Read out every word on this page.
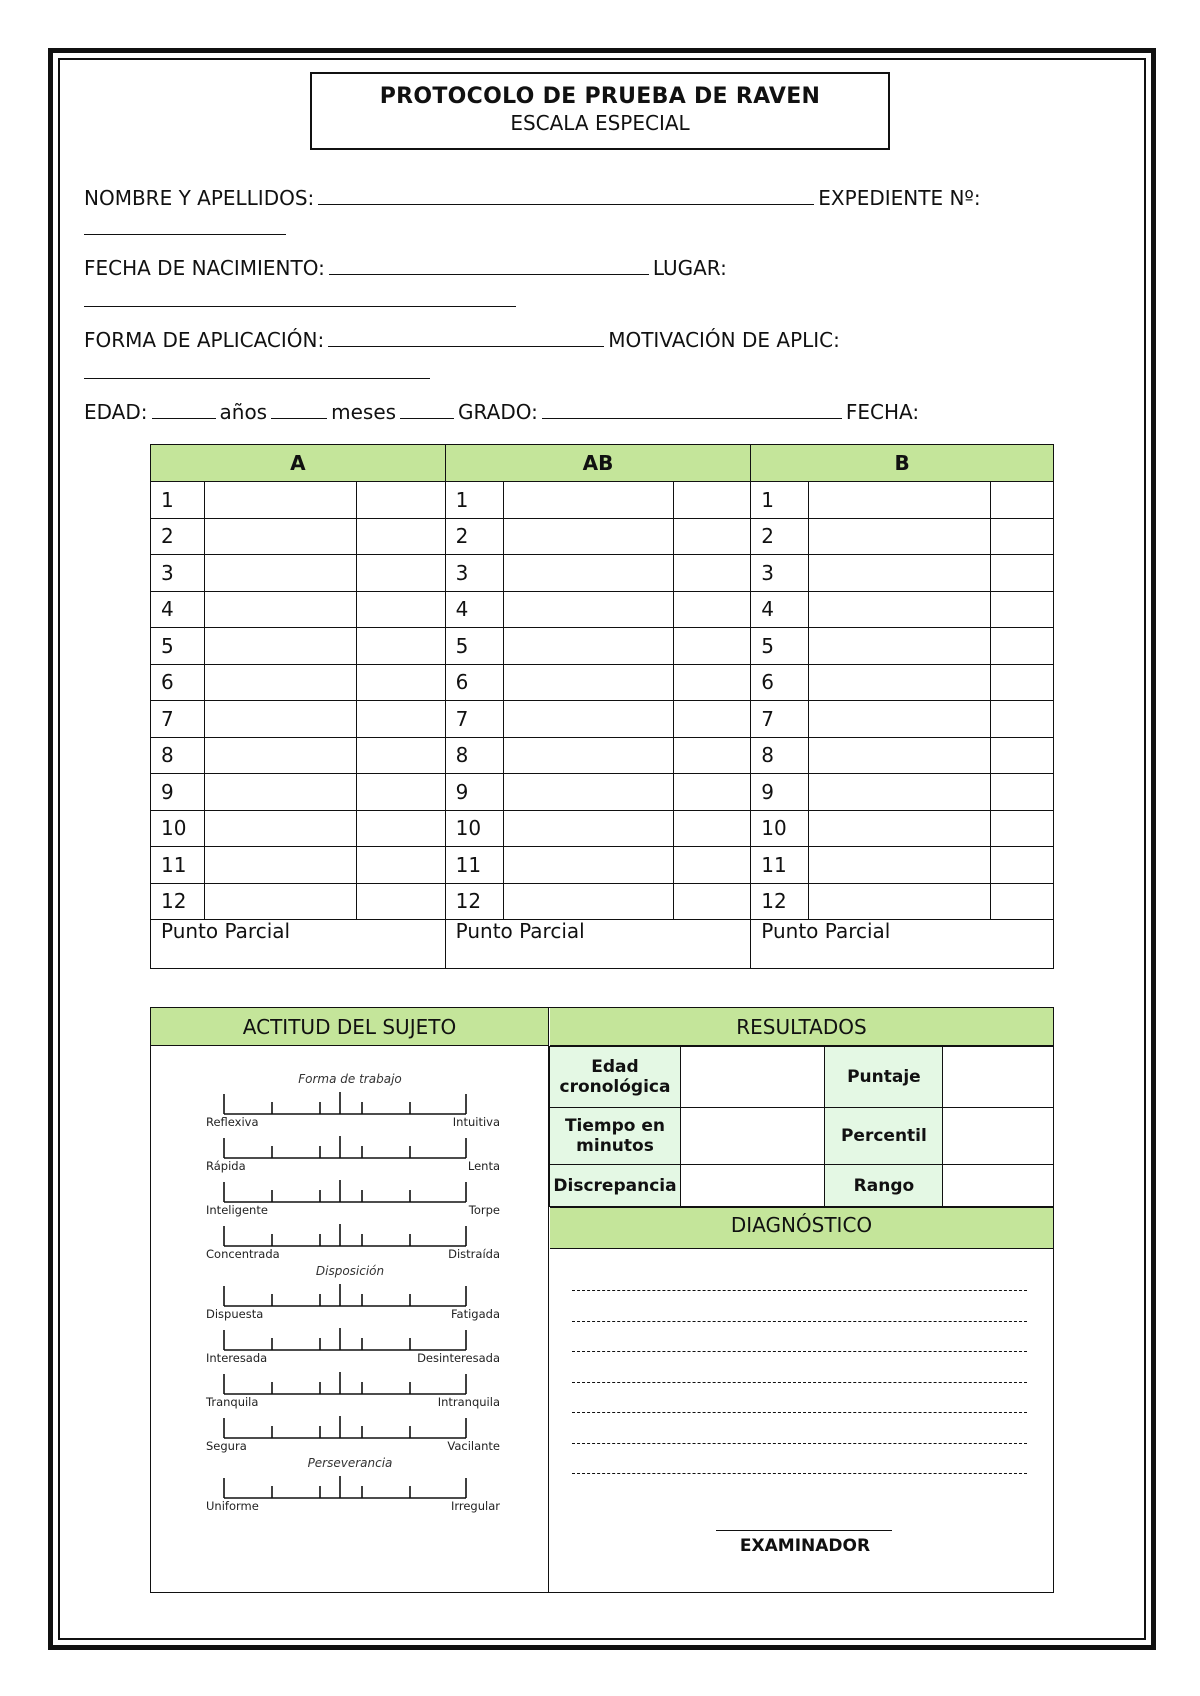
PROTOCOLO DE PRUEBA DE RAVEN
ESCALA ESPECIAL
NOMBRE Y APELLIDOS:	EXPEDIENTE Nº:
FECHA DE NACIMIENTO:	LUGAR:
FORMA DE APLICACIÓN:	MOTIVACIÓN DE APLIC:
EDAD:	años	meses	GRADO:	FECHA:
A			AB			B		
1			1			1		
2			2			2		
3			3			3		
4			4			4		
5			5			5		
6			6			6		
7			7			7		
8			8			8		
9			9			9		
10			10			10		
11			11			11		
12			12			12		
Punto Parcial			Punto Parcial			Punto Parcial		
ACTITUD DEL SUJETO	RESULTADOS
Forma de trabajo
Reflexiva	Intuitiva
Rápida	Lenta
Inteligente	Torpe
Concentrada	Distraída
Disposición
Dispuesta	Fatigada
Interesada	Desinteresada
Tranquila	Intranquila
Segura	Vacilante
Perseverancia
Uniforme	Irregular
Edad cronológica		Puntaje	
Tiempo en minutos		Percentil	
Discrepancia		Rango	
DIAGNÓSTICO
EXAMINADOR
